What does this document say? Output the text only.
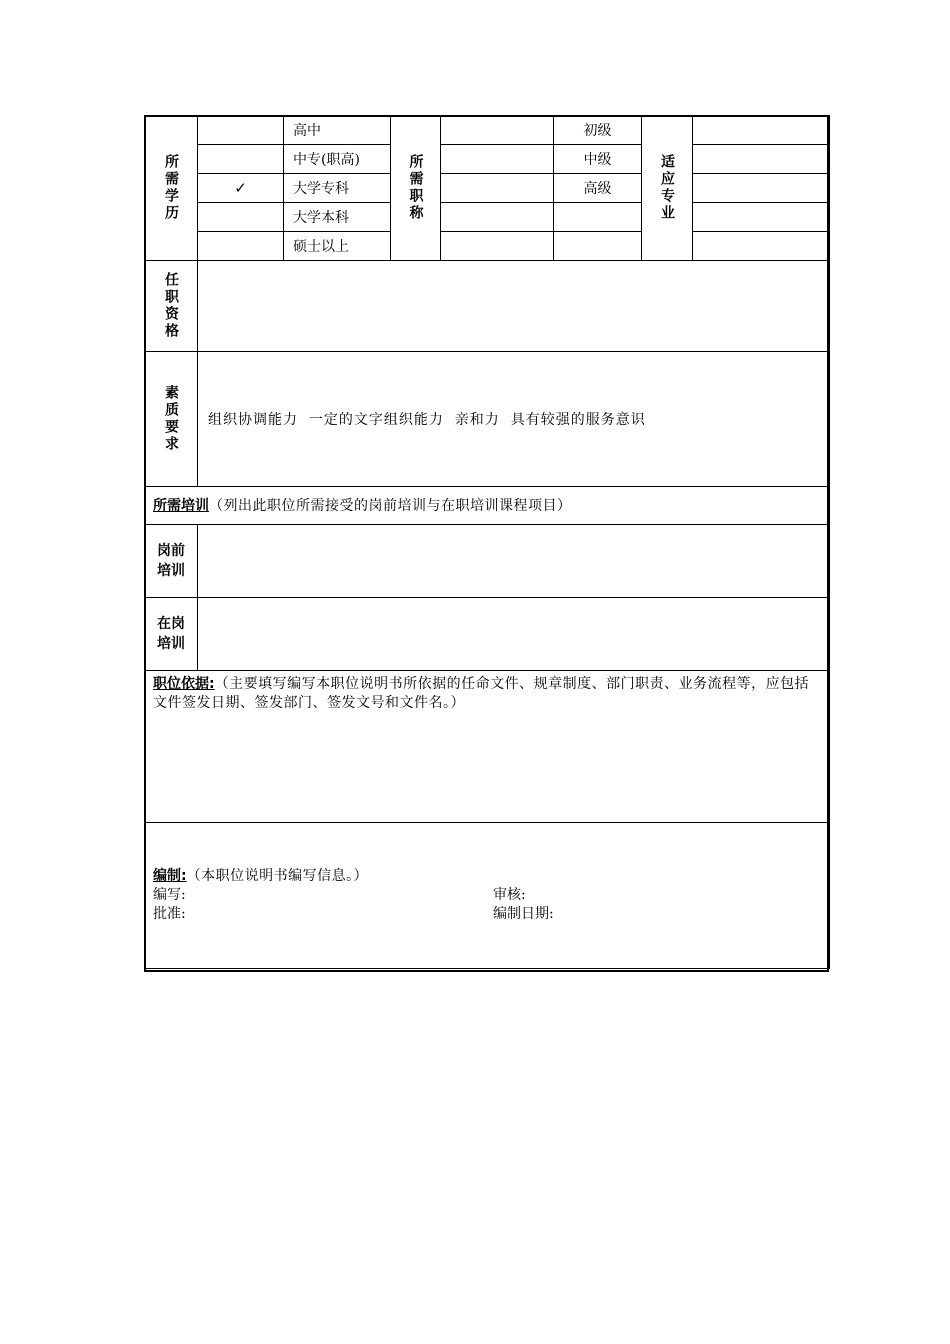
所需学历		高中	所需职称		初级	适应专业	

		中专(职高)			中级		
	✓	大学专科			高级		
		大学本科					
		硕士以上					

任职资格							

素质要求	组织协调能力  一定的文字组织能力  亲和力  具有较强的服务意识						
所需培训（列出此职位所需接受的岗前培训与在职培训课程项目）							

岗前
培训							

在岗
培训							

职位依据:（主要填写编写本职位说明书所依据的任命文件、规章制度、部门职责、业务流程等，应包括文件签发日期、签发部门、签发文号和文件名。）							

编制:（本职位说明书编写信息。）
编写: 审核:
批准: 编制日期:							
